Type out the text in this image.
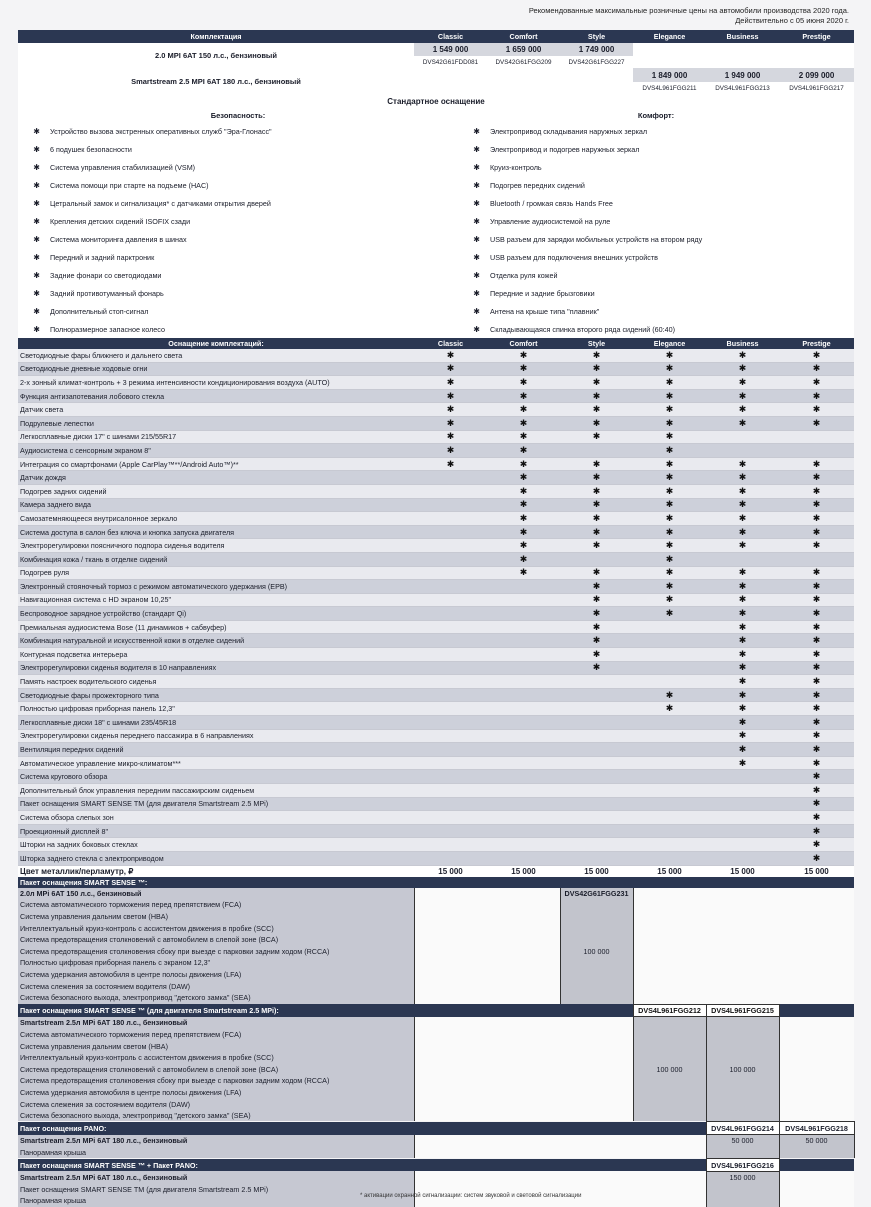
Рекомендованные максимальные розничные цены на автомобили производства 2020 года.
Действительно с 05 июня 2020 г.
Комплектация	Classic	Comfort	Style	Elegance	Business	Prestige
2.0 MPI 6AT 150 л.с., бензиновый	1 549 000	1 659 000	1 749 000			
	DVS42G61FDD081	DVS42G61FGG209	DVS42G61FGG227			
Smartstream 2.5 MPI 6AT 180 л.с., бензиновый				1 849 000	1 949 000	2 099 000
				DVS4L961FGG211	DVS4L961FGG213	DVS4L961FGG217
Стандартное оснащение
Безопасность:	Комфорт:
✱	Устройство вызова экстренных оперативных служб "Эра-Глонасс"	✱	Электропривод складывания наружных зеркал
✱	6 подушек безопасности	✱	Электропривод и подогрев наружных зеркал
✱	Система управления стабилизацией (VSM)	✱	Круиз-контроль
✱	Система помощи при старте на подъеме (HAC)	✱	Подогрев передних сидений
✱	Цетральный замок и сигнализация* с датчиками открытия дверей	✱	Bluetooth / громкая связь Hands Free
✱	Крепления детских сидений ISOFIX сзади	✱	Управление аудиосистемой на руле
✱	Система мониторинга давления в шинах	✱	USB разъем для зарядки мобильных устройств на втором ряду
✱	Передний и задний парктроник	✱	USB разъем для подключения внешних устройств
✱	Задние фонари со светодиодами	✱	Отделка руля кожей
✱	Задний противотуманный фонарь	✱	Передние и задние брызговики
✱	Дополнительный стоп-сигнал	✱	Антена на крыше типа "плавник"
✱	Полноразмерное запасное колесо	✱	Складывающаяся спинка второго ряда сидений (60:40)
Оснащение комплектаций:	Classic	Comfort	Style	Elegance	Business	Prestige
Светодиодные фары ближнего и дальнего света	✱	✱	✱	✱	✱	✱
Светодиодные дневные ходовые огни	✱	✱	✱	✱	✱	✱
2-х зонный климат-контроль + 3 режима интенсивности кондиционирования воздуха (AUTO)	✱	✱	✱	✱	✱	✱
Функция антизапотевания лобового стекла	✱	✱	✱	✱	✱	✱
Датчик света	✱	✱	✱	✱	✱	✱
Подрулевые лепестки	✱	✱	✱	✱	✱	✱
Легкосплавные диски 17" с шинами 215/55R17	✱	✱	✱	✱		
Аудиосистема с сенсорным экраном 8"	✱	✱		✱		
Интеграция со смартфонами (Apple CarPlay™**/Android Auto™)**	✱	✱	✱	✱	✱	✱
Датчик дождя		✱	✱	✱	✱	✱
Подогрев задних сидений		✱	✱	✱	✱	✱
Камера заднего вида		✱	✱	✱	✱	✱
Самозатемняющееся внутрисалонное зеркало		✱	✱	✱	✱	✱
Система доступа в салон без ключа и кнопка запуска двигателя		✱	✱	✱	✱	✱
Электрорегулировки поясничного подпора сиденья водителя		✱	✱	✱	✱	✱
Комбинация кожа / ткань в отделке сидений		✱		✱		
Подогрев руля		✱	✱	✱	✱	✱
Электронный стояночный тормоз с режимом автоматического удержания (EPB)			✱	✱	✱	✱
Навигационная система с HD экраном 10,25"			✱	✱	✱	✱
Беспроводное зарядное устройство (стандарт Qi)			✱	✱	✱	✱
Премиальная аудиосистема Bose (11 динамиков + сабвуфер)			✱		✱	✱
Комбинация натуральной и искусственной кожи в отделке сидений			✱		✱	✱
Контурная подсветка интерьера			✱		✱	✱
Электрорегулировки сиденья водителя в 10 направлениях			✱		✱	✱
Память настроек водительского сиденья					✱	✱
Светодиодные фары прожекторного типа				✱	✱	✱
Полностью цифровая приборная панель 12,3"				✱	✱	✱
Легкосплавные диски 18" с шинами 235/45R18					✱	✱
Электрорегулировки сиденья переднего пассажира в 6 направлениях					✱	✱
Вентиляция передних сидений					✱	✱
Автоматическое управление микро-климатом***					✱	✱
Система кругового обзора						✱
Дополнительный блок управления передним пассажирским сиденьем						✱
Пакет оснащения SMART SENSE TM (для двигателя Smartstream 2.5 MPi)						✱
Система обзора слепых зон						✱
Проекционный дисплей 8"						✱
Шторки на задних боковых стеклах						✱
Шторка заднего стекла с электроприводом						✱
Цвет металлик/перламутр, ₽	15 000	15 000	15 000	15 000	15 000	15 000
Пакет оснащения SMART SENSE ™:			
2.0л MPi 6AT 150 л.с., бензиновый		DVS42G61FGG231	
Система автоматического торможения перед препятствием (FCA)			
Система управления дальним светом (HBA)			
Интеллектуальный круиз-контроль с ассистентом движения в пробке (SCC)			
Система предотвращения столкновений с автомобилем в слепой зоне (BCA)			
Система предотвращения столкновения сбоку при выезде с парковки задним ходом (RCCA)		100 000	
Полностью цифровая приборная панель с экраном 12,3"			
Система удержания автомобиля в центре полосы движения (LFA)			
Система слежения за состоянием водителя (DAW)			
Система безопасного выхода, электропривод "детского замка" (SEA)			
Пакет оснащения SMART SENSE ™ (для двигателя Smartstream 2.5 MPi):		DVS4L961FGG212	DVS4L961FGG215	
Smartstream 2.5л MPi 6AT 180 л.с., бензиновый				
Система автоматического торможения перед препятствием (FCA)				
Система управления дальним светом (HBA)				
Интеллектуальный круиз-контроль с ассистентом движения в пробке (SCC)				
Система предотвращения столкновений с автомобилем в слепой зоне (BCA)		100 000	100 000	
Система предотвращения столкновения сбоку при выезде с парковки задним ходом (RCCA)				
Система удержания автомобиля в центре полосы движения (LFA)				
Система слежения за состоянием водителя (DAW)				
Система безопасного выхода, электропривод "детского замка" (SEA)				
Пакет оснащения PANO:		DVS4L961FGG214	DVS4L961FGG218
Smartstream 2.5л MPi 6AT 180 л.с., бензиновый		50 000	50 000
Панорамная крыша			
Пакет оснащения SMART SENSE ™ + Пакет PANO:		DVS4L961FGG216	
Smartstream 2.5л MPi 6AT 180 л.с., бензиновый		150 000	
Пакет оснащения SMART SENSE TM (для двигателя Smartstream 2.5 MPi)			
Панорамная крыша			
* активации охранной сигнализации: систем звуковой и световой сигнализации
